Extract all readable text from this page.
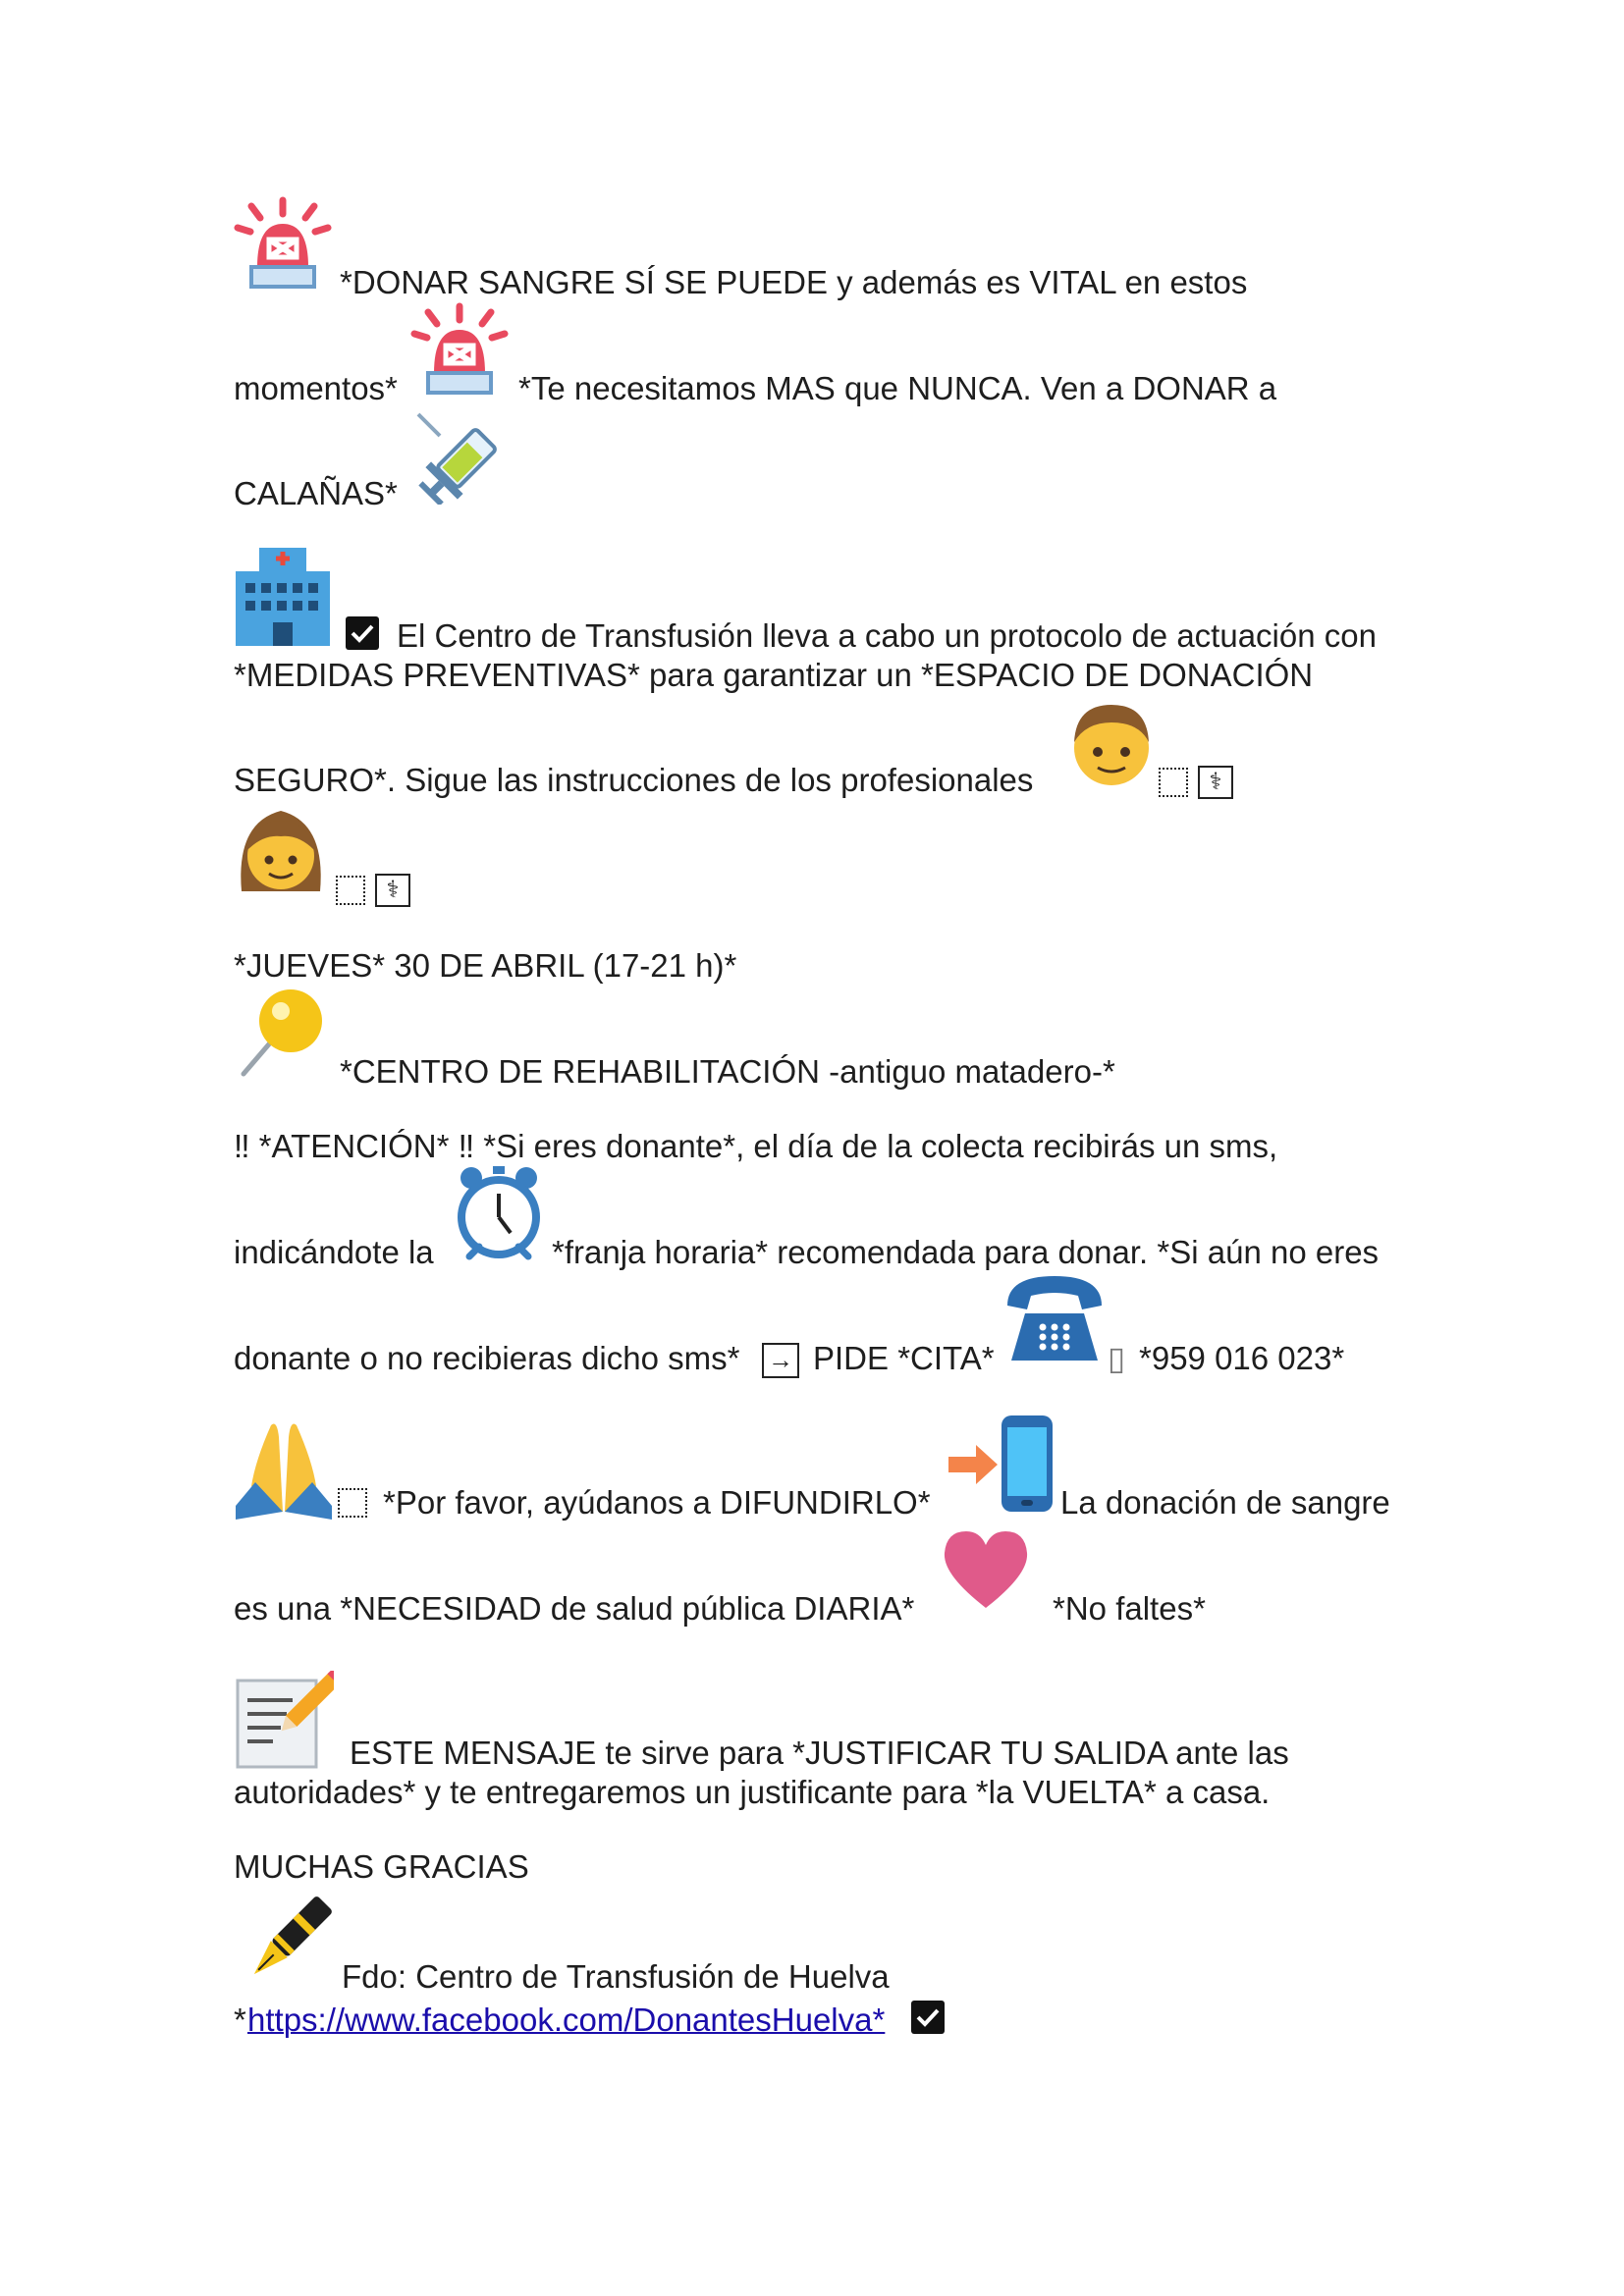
*DONAR SANGRE SÍ SE PUEDE y además es VITAL en estos
momentos*	*Te necesitamos MAS que NUNCA. Ven a DONAR a
CALAÑAS*
El Centro de Transfusión lleva a cabo un protocolo de actuación con
*MEDIDAS PREVENTIVAS* para garantizar un *ESPACIO DE DONACIÓN
SEGURO*. Sigue las instrucciones de los profesionales	⚕
⚕
*JUEVES* 30 DE ABRIL (17-21 h)*
*CENTRO DE REHABILITACIÓN -antiguo matadero-*
‼ *ATENCIÓN* ‼ *Si eres donante*, el día de la colecta recibirás un sms,
indicándote la	*franja horaria* recomendada para donar. *Si aún no eres
donante o no recibieras dicho sms* → PIDE *CITA*	▯ *959 016 023*
*Por favor, ayúdanos a DIFUNDIRLO*	La donación de sangre
es una *NECESIDAD de salud pública DIARIA*	*No faltes*
ESTE MENSAJE te sirve para *JUSTIFICAR TU SALIDA ante las
autoridades* y te entregaremos un justificante para *la VUELTA* a casa.
MUCHAS GRACIAS
Fdo: Centro de Transfusión de Huelva
* https://www.facebook.com/DonantesHuelva*
